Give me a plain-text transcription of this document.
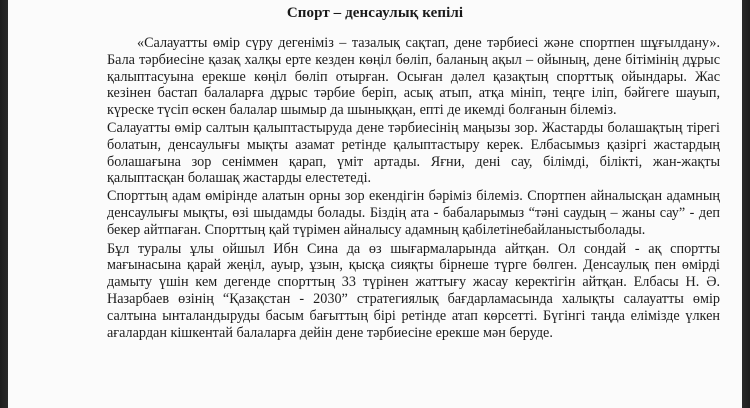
Спорт – денсаулық кепілі

«Салауатты өмір сүру дегеніміз – тазалық сақтап, дене тәрбиесі және спортпен шұғылдану». Бала тәрбиесіне қазақ халқы ерте кезден көңіл бөліп, баланың ақыл – ойының, дене бітімінің дұрыс қалыптасуына ерекше көңіл бөліп отырған. Осыған дәлел қазақтың спорттық ойындары. Жас кезінен бастап балаларға дұрыс тәрбие беріп, асық атып, атқа мініп, теңге іліп, бәйгеге шауып, күреске түсіп өскен балалар шымыр да шыныққан, епті де икемді болғанын білеміз.

Салауатты өмір салтын қалыптастыруда дене тәрбиесінің маңызы зор. Жастарды болашақтың тірегі болатын, денсаулығы мықты азамат ретінде қалыптастыру керек. Елбасымыз қазіргі жастардың болашағына зор сеніммен қарап, үміт артады. Яғни, дені сау, білімді, білікті, жан-жақты қалыптасқан болашақ жастарды елестетеді.

Спорттың адам өмірінде алатын орны зор екендігін бәріміз білеміз. Спортпен айналысқан адамның денсаулығы мықты, өзі шыдамды болады. Біздің ата - бабаларымыз “тәні саудың – жаны сау” - деп бекер айтпаған. Спорттың қай түрімен айналысу адамның қабілетінебайланыстыболады.

Бұл туралы ұлы ойшыл Ибн Сина да өз шығармаларында айтқан. Ол сондай - ақ спортты мағынасына қарай жеңіл, ауыр, ұзын, қысқа сияқты бірнеше түрге бөлген. Денсаулық пен өмірді дамыту үшін кем дегенде спорттың 33 түрінен жаттығу жасау керектігін айтқан. Елбасы Н. Ә. Назарбаев өзінің “Қазақстан - 2030” стратегиялық бағдарламасында халықты салауатты өмір салтына ынталандыруды басым бағыттың бірі ретінде атап көрсетті. Бүгінгі таңда елімізде үлкен ағалардан кішкентай балаларға дейін дене тәрбиесіне ерекше мән беруде.
